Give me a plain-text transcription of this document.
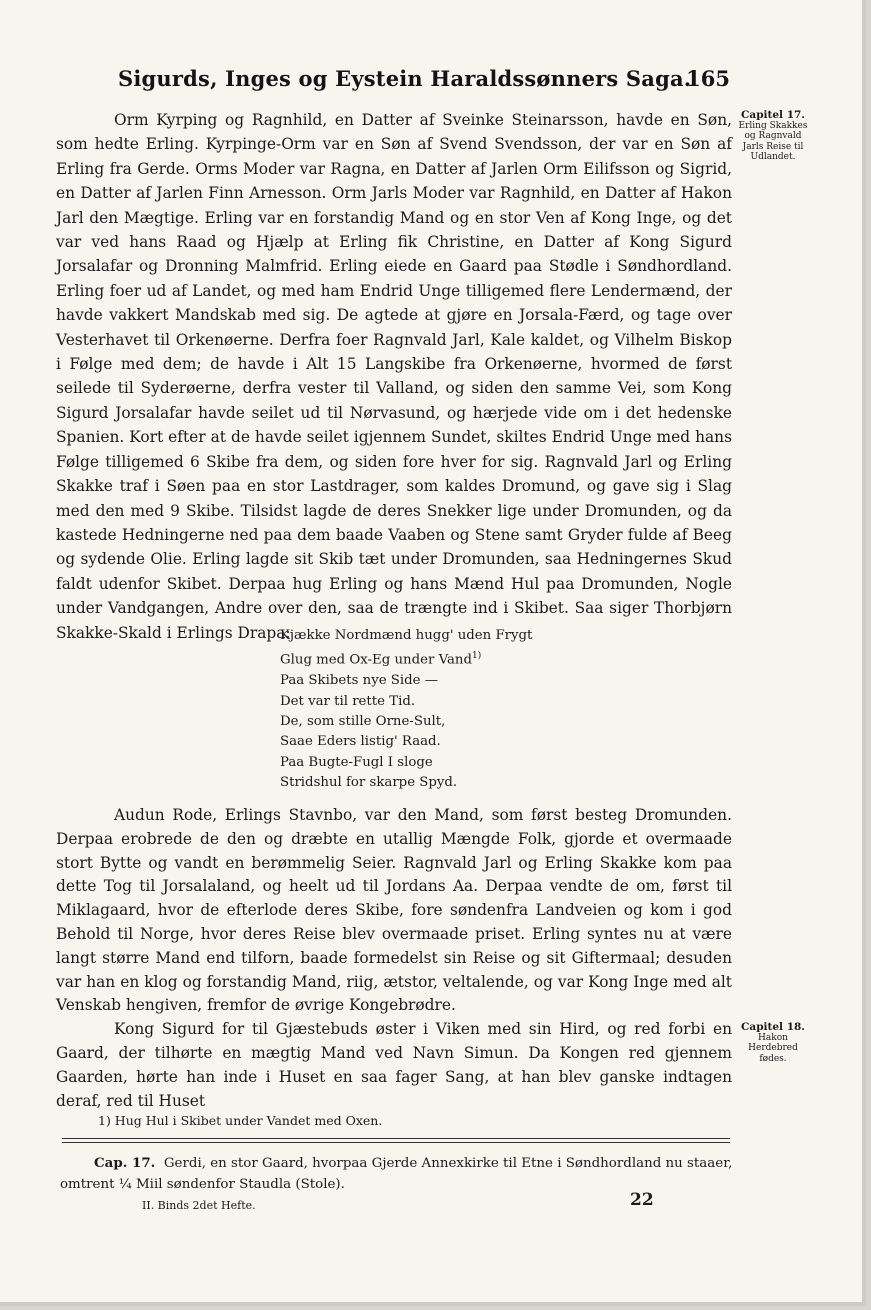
Sigurds, Inges og Eystein Haraldssønners Saga.
165
Capitel 17.
Erling Skakkes og Ragnvald Jarls Reise til Udlandet.

Orm Kyrping og Ragnhild, en Datter af Sveinke Steinarsson, havde en Søn, som hedte Erling. Kyrpinge-Orm var en Søn af Svend Svendsson, der var en Søn af Erling fra Gerde. Orms Moder var Ragna, en Datter af Jarlen Orm Eilifsson og Sigrid, en Datter af Jarlen Finn Arnesson. Orm Jarls Moder var Ragnhild, en Datter af Hakon Jarl den Mægtige. Erling var en forstandig Mand og en stor Ven af Kong Inge, og det var ved hans Raad og Hjælp at Erling fik Christine, en Datter af Kong Sigurd Jorsalafar og Dronning Malmfrid. Erling eiede en Gaard paa Stødle i Søndhordland. Erling foer ud af Landet, og med ham Endrid Unge tilligemed flere Lendermænd, der havde vakkert Mandskab med sig. De agtede at gjøre en Jorsala-Færd, og tage over Vesterhavet til Orkenøerne. Derfra foer Ragnvald Jarl, Kale kaldet, og Vilhelm Biskop i Følge med dem; de havde i Alt 15 Langskibe fra Orkenøerne, hvormed de først seilede til Syderøerne, derfra vester til Valland, og siden den samme Vei, som Kong Sigurd Jorsalafar havde seilet ud til Nørvasund, og hærjede vide om i det hedenske Spanien. Kort efter at de havde seilet igjennem Sundet, skiltes Endrid Unge med hans Følge tilligemed 6 Skibe fra dem, og siden fore hver for sig. Ragnvald Jarl og Erling Skakke traf i Søen paa en stor Lastdrager, som kaldes Dromund, og gave sig i Slag med den med 9 Skibe. Tilsidst lagde de deres Snekker lige under Dromunden, og da kastede Hedningerne ned paa dem baade Vaaben og Stene samt Gryder fulde af Beeg og sydende Olie. Erling lagde sit Skib tæt under Dromunden, saa Hedningernes Skud faldt udenfor Skibet. Derpaa hug Erling og hans Mænd Hul paa Dromunden, Nogle under Vandgangen, Andre over den, saa de trængte ind i Skibet. Saa siger Thorbjørn Skakke-Skald i Erlings Drapa:

Kjække Nordmænd hugg' uden Frygt
Glug med Ox-Eg under Vand$^{1)}$
Paa Skibets nye Side —
Det var til rette Tid.
De, som stille Orne-Sult,
Saae Eders listig' Raad.
Paa Bugte-Fugl I sloge
Stridshul for skarpe Spyd.

Audun Rode, Erlings Stavnbo, var den Mand, som først besteg Dromunden. Derpaa erobrede de den og dræbte en utallig Mængde Folk, gjorde et overmaade stort Bytte og vandt en berømmelig Seier. Ragnvald Jarl og Erling Skakke kom paa dette Tog til Jorsalaland, og heelt ud til Jordans Aa. Derpaa vendte de om, først til Miklagaard, hvor de efterlode deres Skibe, fore søndenfra Landveien og kom i god Behold til Norge, hvor deres Reise blev overmaade priset. Erling syntes nu at være langt større Mand end tilforn, baade formedelst sin Reise og sit Giftermaal; desuden var han en klog og forstandig Mand, riig, ætstor, veltalende, og var Kong Inge med alt Venskab hengiven, fremfor de øvrige Kongebrødre.

Kong Sigurd for til Gjæstebuds øster i Viken med sin Hird, og red forbi en Gaard, der tilhørte en mægtig Mand ved Navn Simun. Da Kongen red gjennem Gaarden, hørte han inde i Huset en saa fager Sang, at han blev ganske indtagen deraf, red til Huset

Capitel 18.
Hakon Herdebred fødes.
1) Hug Hul i Skibet under Vandet med Oxen.
Cap. 17. Gerdi, en stor Gaard, hvorpaa Gjerde Annexkirke til Etne i Søndhordland nu staaer, omtrent ¼ Miil søndenfor Staudla (Stole).
II. Binds 2det Hefte.	22
